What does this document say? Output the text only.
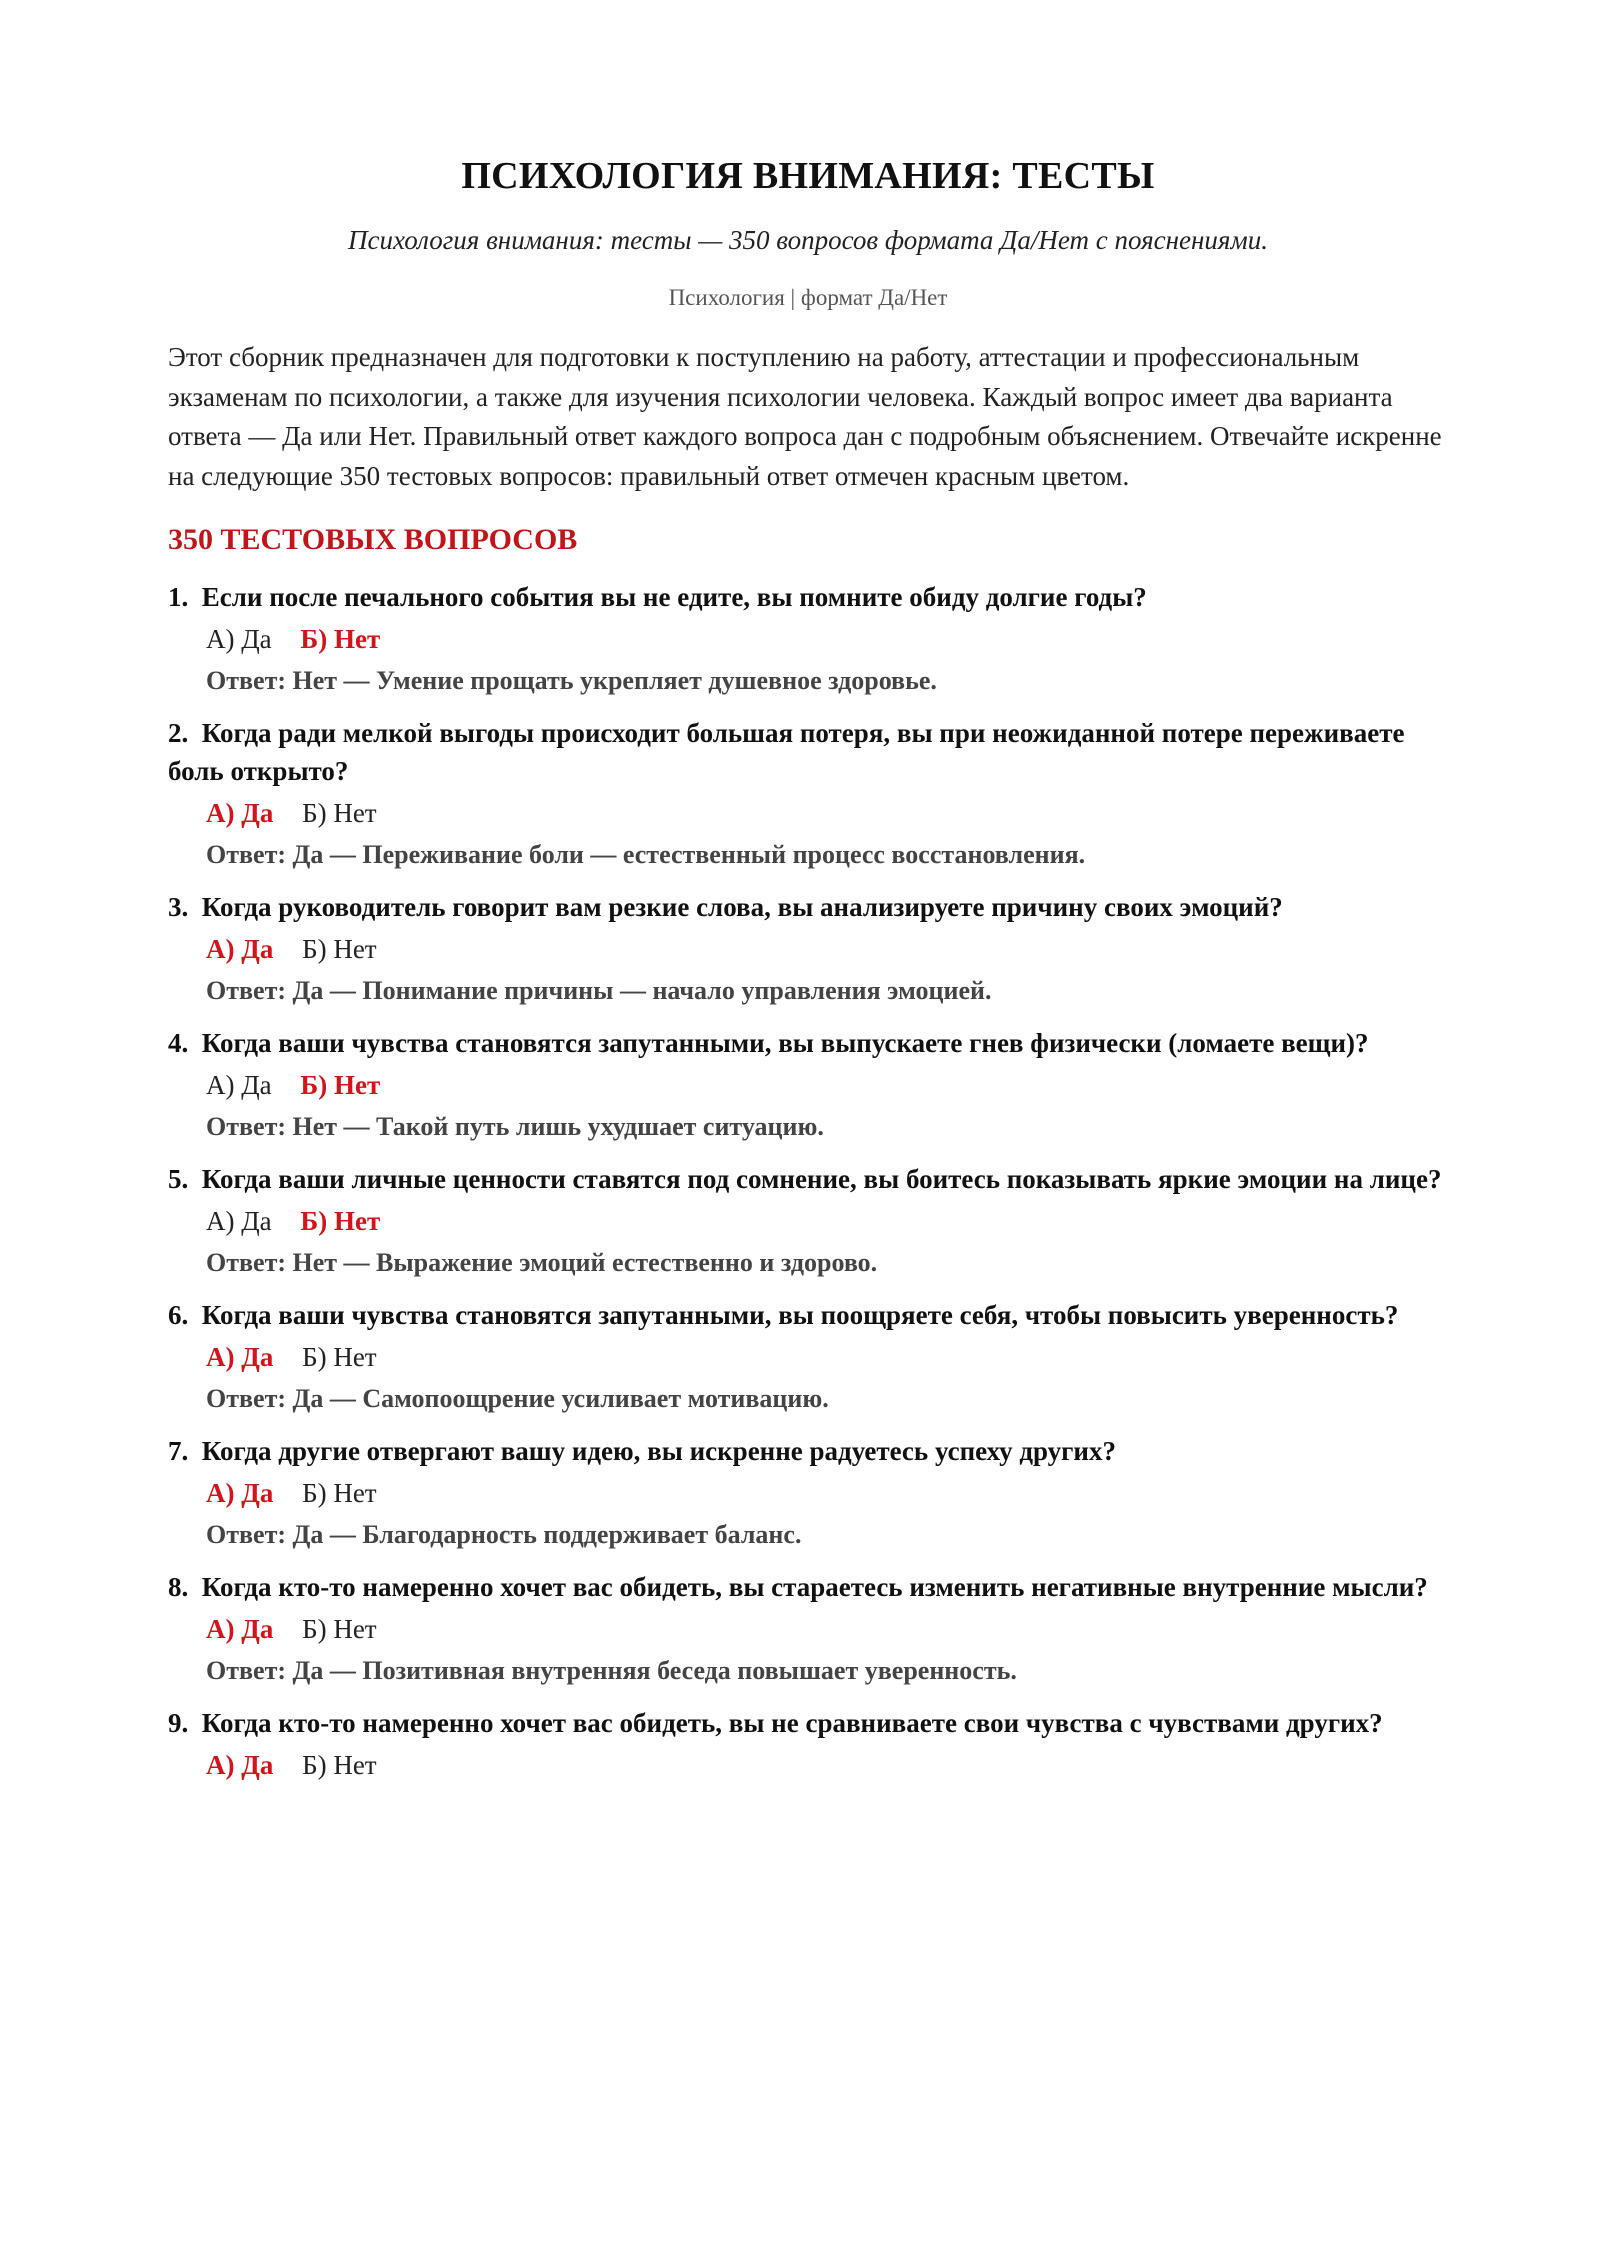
ПСИХОЛОГИЯ ВНИМАНИЯ: ТЕСТЫ
Психология внимания: тесты — 350 вопросов формата Да/Нет с пояснениями.
Психология | формат Да/Нет

Этот сборник предназначен для подготовки к поступлению на работу, аттестации и профессиональным экзаменам по психологии, а также для изучения психологии человека. Каждый вопрос имеет два варианта ответа — Да или Нет. Правильный ответ каждого вопроса дан с подробным объяснением. Отвечайте искренне на следующие 350 тестовых вопросов: правильный ответ отмечен красным цветом.

350 ТЕСТОВЫХ ВОПРОСОВ

1. Если после печального события вы не едите, вы помните обиду долгие годы?

А) Да Б) Нет
Ответ: Нет — Умение прощать укрепляет душевное здоровье.

2. Когда ради мелкой выгоды происходит большая потеря, вы при неожиданной потере переживаете боль открыто?

А) Да Б) Нет
Ответ: Да — Переживание боли — естественный процесс восстановления.

3. Когда руководитель говорит вам резкие слова, вы анализируете причину своих эмоций?

А) Да Б) Нет
Ответ: Да — Понимание причины — начало управления эмоцией.

4. Когда ваши чувства становятся запутанными, вы выпускаете гнев физически (ломаете вещи)?

А) Да Б) Нет
Ответ: Нет — Такой путь лишь ухудшает ситуацию.

5. Когда ваши личные ценности ставятся под сомнение, вы боитесь показывать яркие эмоции на лице?

А) Да Б) Нет
Ответ: Нет — Выражение эмоций естественно и здорово.

6. Когда ваши чувства становятся запутанными, вы поощряете себя, чтобы повысить уверенность?

А) Да Б) Нет
Ответ: Да — Самопоощрение усиливает мотивацию.

7. Когда другие отвергают вашу идею, вы искренне радуетесь успеху других?

А) Да Б) Нет
Ответ: Да — Благодарность поддерживает баланс.

8. Когда кто-то намеренно хочет вас обидеть, вы стараетесь изменить негативные внутренние мысли?

А) Да Б) Нет
Ответ: Да — Позитивная внутренняя беседа повышает уверенность.

9. Когда кто-то намеренно хочет вас обидеть, вы не сравниваете свои чувства с чувствами других?

А) Да Б) Нет
